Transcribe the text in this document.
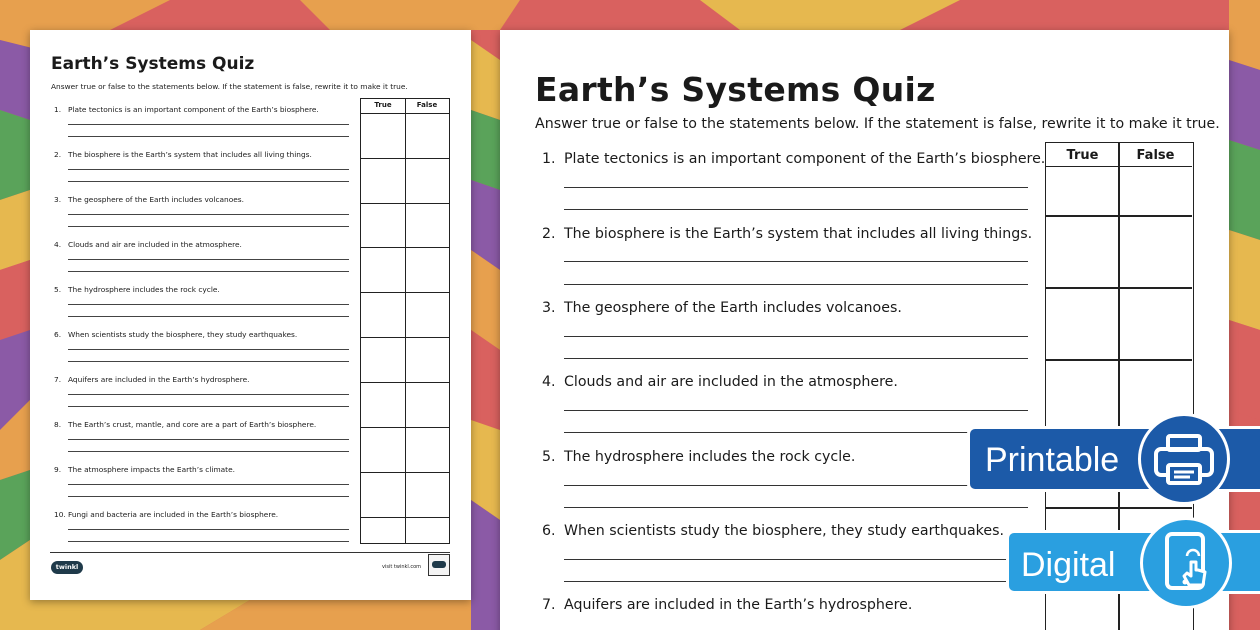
Earth’s Systems Quiz
Answer true or false to the statements below. If the statement is false, rewrite it to make it true.
True	False
1. Plate tectonics is an important component of the Earth’s biosphere.
2. The biosphere is the Earth’s system that includes all living things.
3. The geosphere of the Earth includes volcanoes.
4. Clouds and air are included in the atmosphere.
5. The hydrosphere includes the rock cycle.
6. When scientists study the biosphere, they study earthquakes.
7. Aquifers are included in the Earth’s hydrosphere.
8. The Earth’s crust, mantle, and core are a part of Earth’s biosphere.
9. The atmosphere impacts the Earth’s climate.
10. Fungi and bacteria are included in the Earth’s biosphere.
twinkl	visit twinkl.com
Earth’s Systems Quiz
Answer true or false to the statements below. If the statement is false, rewrite it to make it true.
True	False
1. Plate tectonics is an important component of the Earth’s biosphere.
2. The biosphere is the Earth’s system that includes all living things.
3. The geosphere of the Earth includes volcanoes.
4. Clouds and air are included in the atmosphere.
5. The hydrosphere includes the rock cycle.
6. When scientists study the biosphere, they study earthquakes.
7. Aquifers are included in the Earth’s hydrosphere.
Printable
Digital
